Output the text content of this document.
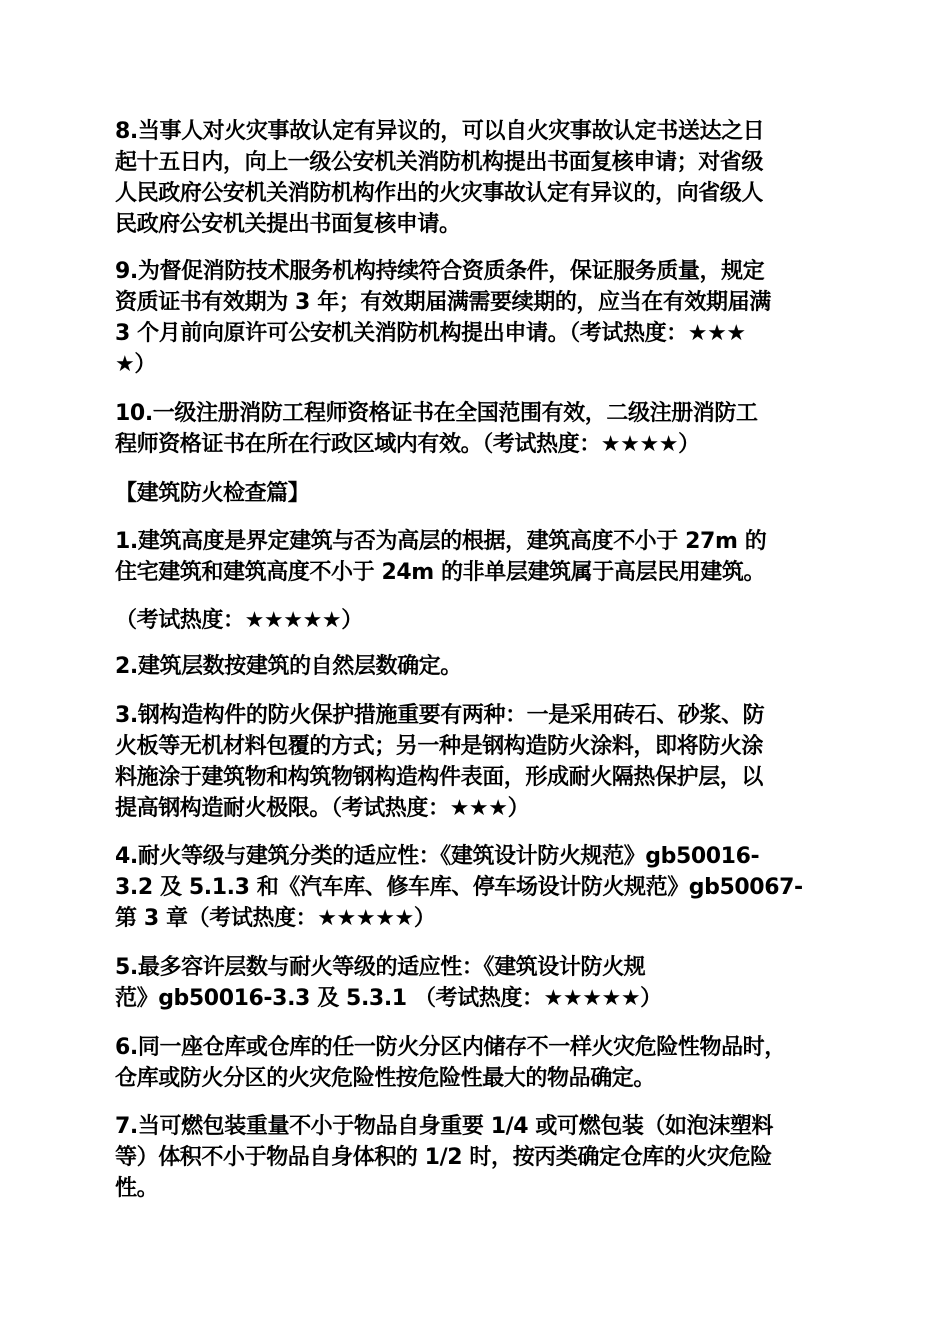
8.当事人对火灾事故认定有异议的，可以自火灾事故认定书送达之日
起十五日内，向上一级公安机关消防机构提出书面复核申请；对省级
人民政府公安机关消防机构作出的火灾事故认定有异议的，向省级人
民政府公安机关提出书面复核申请。

9.为督促消防技术服务机构持续符合资质条件，保证服务质量，规定
资质证书有效期为 3 年；有效期届满需要续期的，应当在有效期届满
3 个月前向原许可公安机关消防机构提出申请。（考试热度：★★★
★）

10.一级注册消防工程师资格证书在全国范围有效，二级注册消防工
程师资格证书在所在行政区域内有效。（考试热度：★★★★）

【建筑防火检查篇】

1.建筑高度是界定建筑与否为高层的根据，建筑高度不小于 27m 的
住宅建筑和建筑高度不小于 24m 的非单层建筑属于高层民用建筑。

（考试热度：★★★★★）

2.建筑层数按建筑的自然层数确定。

3.钢构造构件的防火保护措施重要有两种：一是采用砖石、砂浆、防
火板等无机材料包覆的方式；另一种是钢构造防火涂料，即将防火涂
料施涂于建筑物和构筑物钢构造构件表面，形成耐火隔热保护层，以
提高钢构造耐火极限。（考试热度：★★★）

4.耐火等级与建筑分类的适应性：《建筑设计防火规范》gb50016-
3.2 及 5.1.3 和《汽车库、修车库、停车场设计防火规范》gb50067-
第 3 章（考试热度：★★★★★）

5.最多容许层数与耐火等级的适应性：《建筑设计防火规
范》gb50016-3.3 及 5.3.1 （考试热度：★★★★★）

6.同一座仓库或仓库的任一防火分区内储存不一样火灾危险性物品时，
仓库或防火分区的火灾危险性按危险性最大的物品确定。

7.当可燃包装重量不小于物品自身重要 1/4 或可燃包装（如泡沫塑料
等）体积不小于物品自身体积的 1/2 时，按丙类确定仓库的火灾危险
性。
